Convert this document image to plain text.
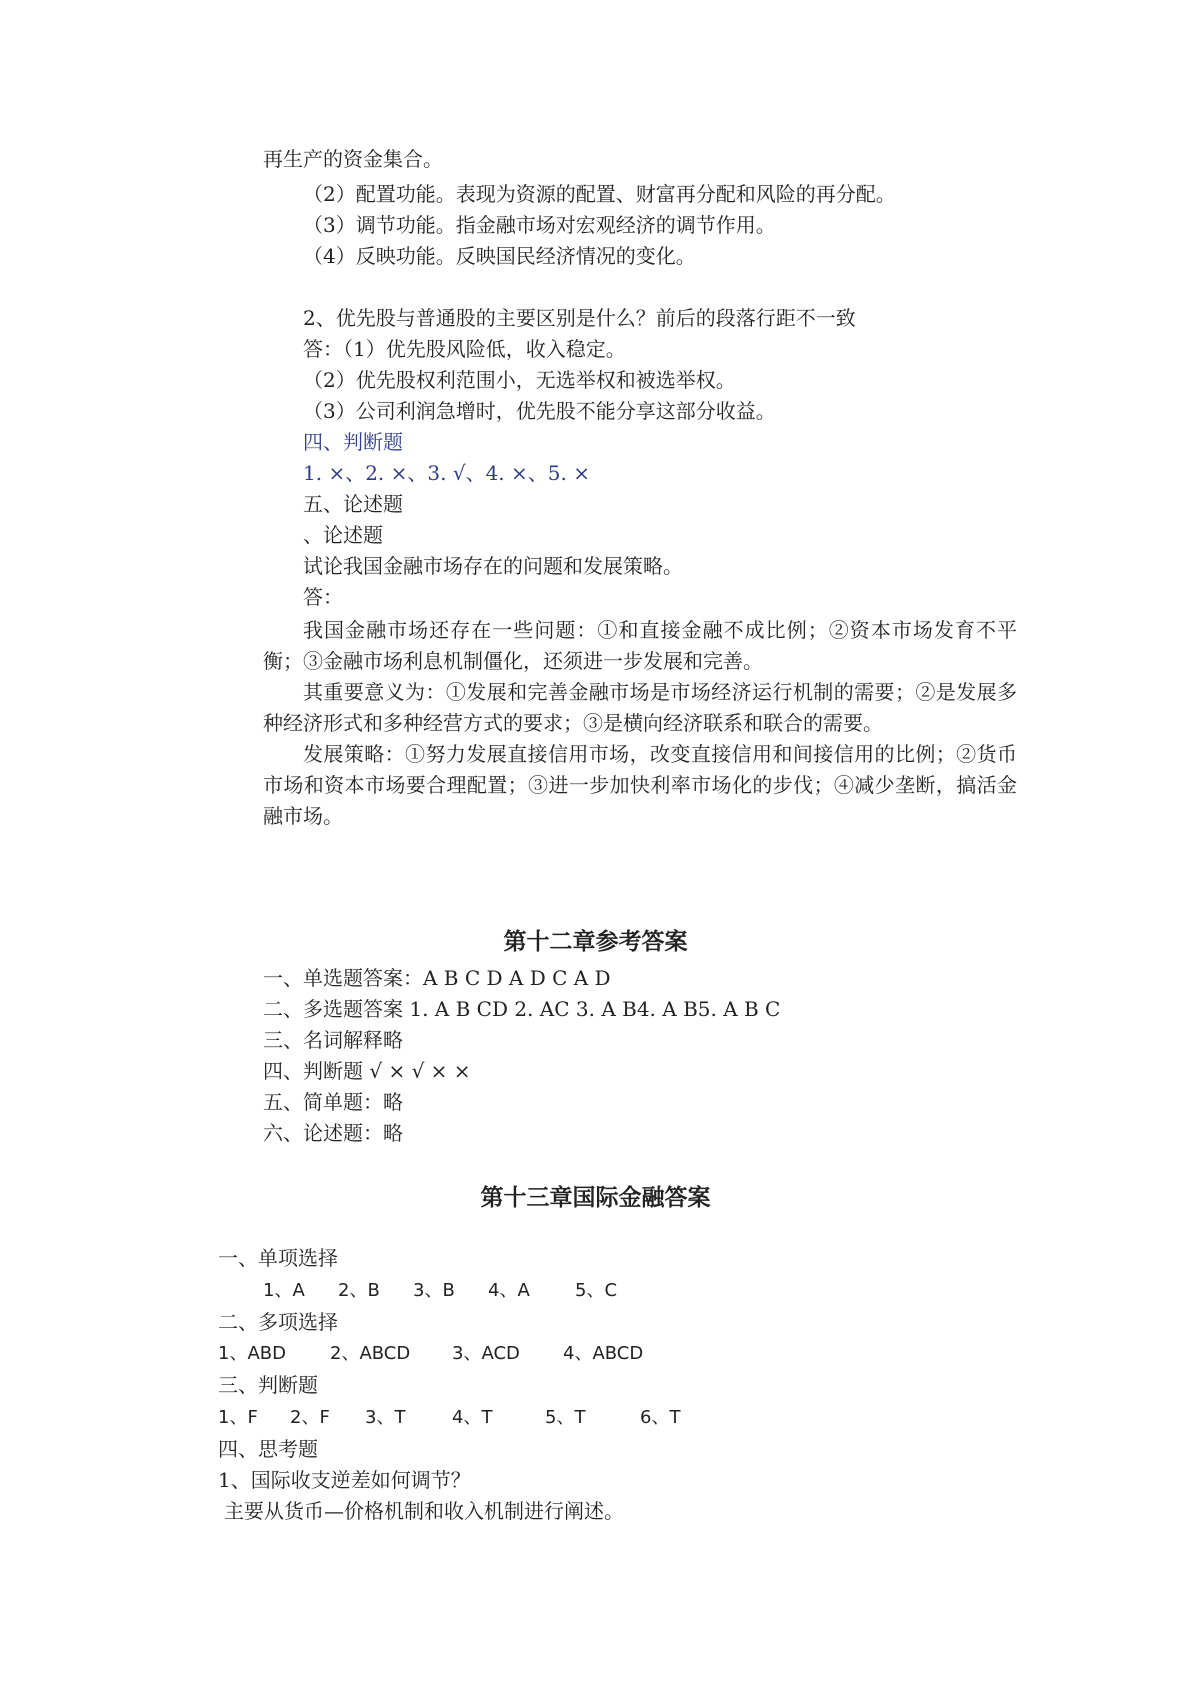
再生产的资金集合。
（2）配置功能。表现为资源的配置、财富再分配和风险的再分配。
（3）调节功能。指金融市场对宏观经济的调节作用。
（4）反映功能。反映国民经济情况的变化。
2、优先股与普通股的主要区别是什么？前后的段落行距不一致
答：（1）优先股风险低，收入稳定。
（2）优先股权利范围小，无选举权和被选举权。
（3）公司利润急增时，优先股不能分享这部分收益。
四、判断题
1. ×、2. ×、3. √、4. ×、5. ×
五、论述题
、论述题
试论我国金融市场存在的问题和发展策略。
答：
我国金融市场还存在一些问题：①和直接金融不成比例；②资本市场发育不平衡；③金融市场利息机制僵化，还须进一步发展和完善。
其重要意义为：①发展和完善金融市场是市场经济运行机制的需要；②是发展多种经济形式和多种经营方式的要求；③是横向经济联系和联合的需要。
发展策略：①努力发展直接信用市场，改变直接信用和间接信用的比例；②货币市场和资本市场要合理配置；③进一步加快利率市场化的步伐；④减少垄断，搞活金融市场。
第十二章参考答案
一、单选题答案：A B C D A D C A D
二、多选题答案 1. A B CD 2. AC 3. A B4. A B5. A B C
三、名词解释略
四、判断题 √ × √ × ×
五、简单题：略
六、论述题：略
第十三章国际金融答案
一、单项选择
1、A 2、B 3、B 4、A	5、C
二、多项选择
1、ABD 2、ABCD 3、ACD 4、ABCD
三、判断题
1、F 2、F 3、T	4、T	5、T	6、T
四、思考题
1、国际收支逆差如何调节？
主要从货币—价格机制和收入机制进行阐述。
